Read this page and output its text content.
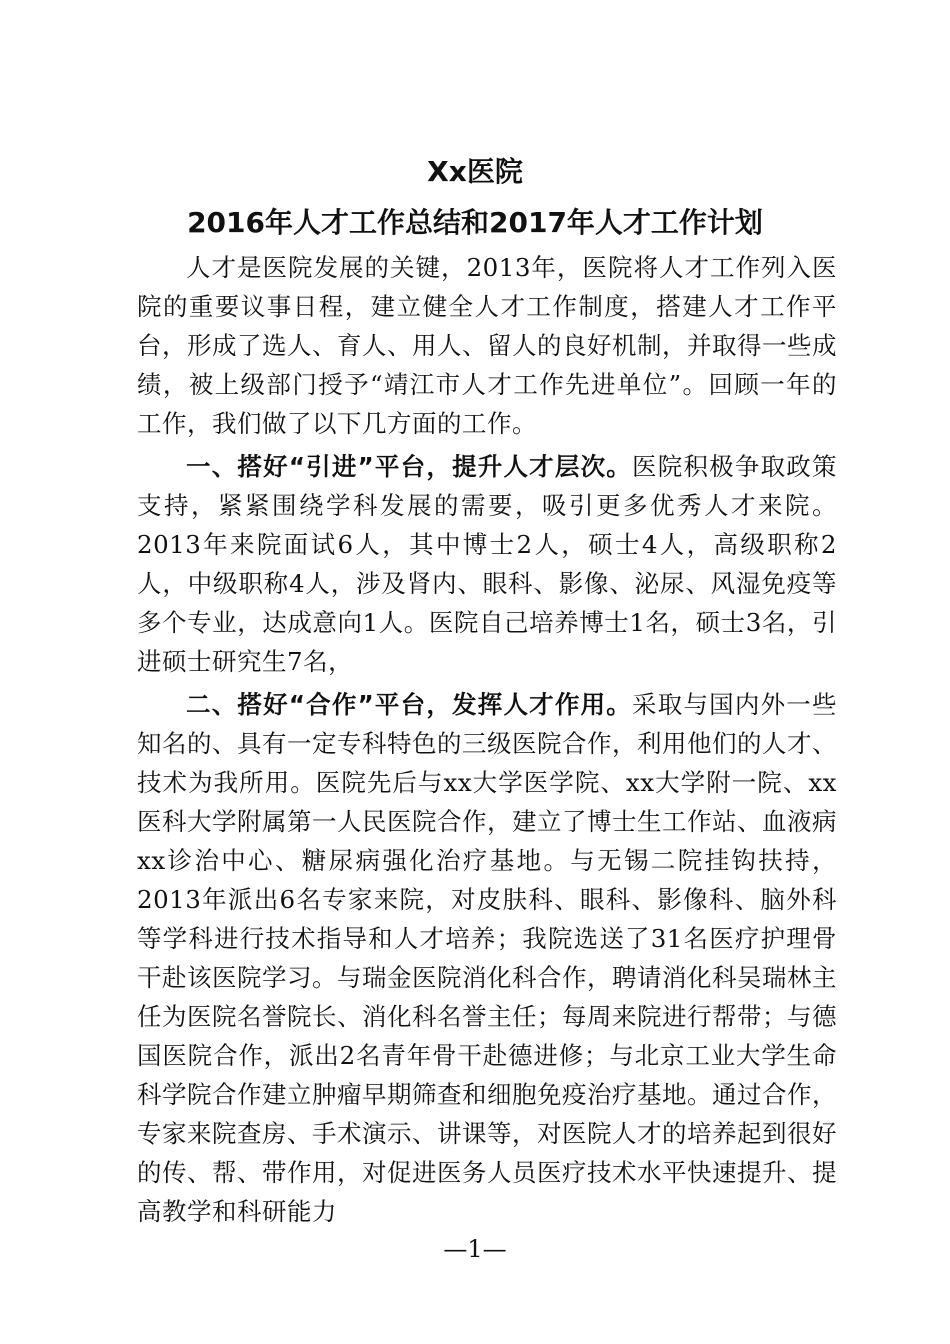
Xx医院
2016年人才工作总结和2017年人才工作计划

人才是医院发展的关键，2013年，医院将人才工作列入医院的重要议事日程，建立健全人才工作制度，搭建人才工作平台，形成了选人、育人、用人、留人的良好机制，并取得一些成绩，被上级部门授予“靖江市人才工作先进单位”。回顾一年的工作，我们做了以下几方面的工作。

一、搭好“引进”平台，提升人才层次。医院积极争取政策支持，紧紧围绕学科发展的需要，吸引更多优秀人才来院。2013年来院面试6人，其中博士2人，硕士4人，高级职称2人，中级职称4人，涉及肾内、眼科、影像、泌尿、风湿免疫等多个专业，达成意向1人。医院自己培养博士1名，硕士3名，引进硕士研究生7名，

二、搭好“合作”平台，发挥人才作用。采取与国内外一些知名的、具有一定专科特色的三级医院合作，利用他们的人才、技术为我所用。医院先后与xx大学医学院、xx大学附一院、xx医科大学附属第一人民医院合作，建立了博士生工作站、血液病xx诊治中心、糖尿病强化治疗基地。与无锡二院挂钩扶持，2013年派出6名专家来院，对皮肤科、眼科、影像科、脑外科等学科进行技术指导和人才培养；我院选送了31名医疗护理骨干赴该医院学习。与瑞金医院消化科合作，聘请消化科吴瑞林主任为医院名誉院长、消化科名誉主任；每周来院进行帮带；与德国医院合作，派出2名青年骨干赴德进修；与北京工业大学生命科学院合作建立肿瘤早期筛查和细胞免疫治疗基地。通过合作，专家来院查房、手术演示、讲课等，对医院人才的培养起到很好的传、帮、带作用，对促进医务人员医疗技术水平快速提升、提高教学和科研能力

—1—
